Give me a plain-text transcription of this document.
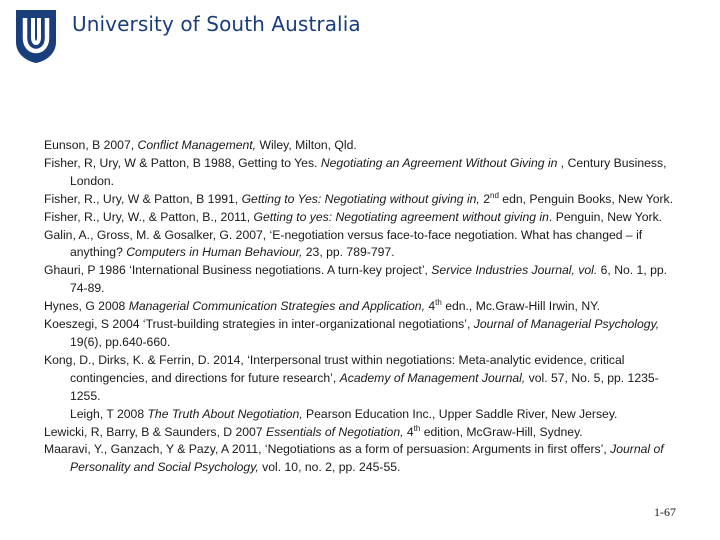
University of South Australia

Eunson, B 2007, Conflict Management, Wiley, Milton, Qld.

Fisher, R, Ury, W & Patton, B 1988, Getting to Yes. Negotiating an Agreement Without Giving in , Century Business, London.

Fisher, R., Ury, W & Patton, B 1991, Getting to Yes: Negotiating without giving in, 2nd edn, Penguin Books, New York.

Fisher, R., Ury, W., & Patton, B., 2011, Getting to yes: Negotiating agreement without giving in. Penguin, New York.

Galin, A., Gross, M. & Gosalker, G. 2007, ‘E-negotiation versus face-to-face negotiation. What has changed – if anything? Computers in Human Behaviour, 23, pp. 789-797.

Ghauri, P 1986 ‘International Business negotiations. A turn-key project’, Service Industries Journal, vol. 6, No. 1, pp. 74-89.

Hynes, G 2008 Managerial Communication Strategies and Application, 4th edn., Mc.Graw-Hill Irwin, NY.

Koeszegi, S 2004 ‘Trust-building strategies in inter-organizational negotiations’, Journal of Managerial Psychology, 19(6), pp.640-660.

Kong, D., Dirks, K. & Ferrin, D. 2014, ‘Interpersonal trust within negotiations: Meta-analytic evidence, critical contingencies, and directions for future research’, Academy of Management Journal, vol. 57, No. 5, pp. 1235-1255.

Leigh, T 2008 The Truth About Negotiation, Pearson Education Inc., Upper Saddle River, New Jersey.

Lewicki, R, Barry, B & Saunders, D 2007 Essentials of Negotiation, 4th edition, McGraw-Hill, Sydney.

Maaravi, Y., Ganzach, Y & Pazy, A 2011, ‘Negotiations as a form of persuasion: Arguments in first offers’, Journal of Personality and Social Psychology, vol. 10, no. 2, pp. 245-55.

1-67
